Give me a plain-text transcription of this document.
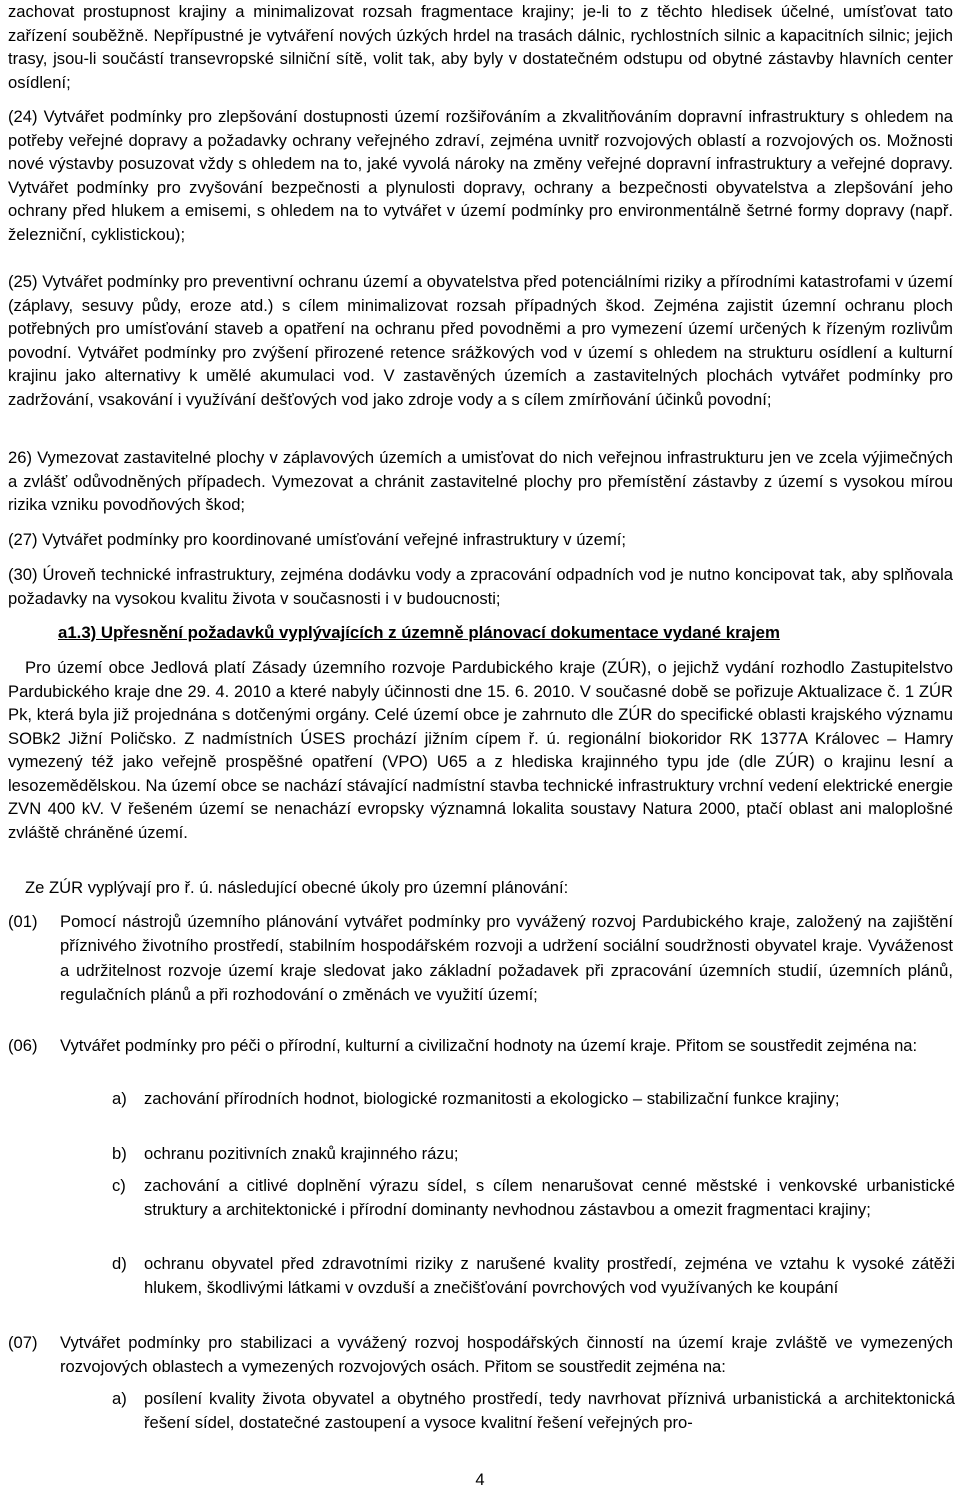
zachovat prostupnost krajiny a minimalizovat rozsah fragmentace krajiny; je-li to z těchto hledisek účelné, umísťovat tato zařízení souběžně. Nepřípustné je vytváření nových úzkých hrdel na trasách dálnic, rychlostních silnic a kapacitních silnic; jejich trasy, jsou-li součástí transevropské silniční sítě, volit tak, aby byly v dostatečném odstupu od obytné zástavby hlavních center osídlení;

(24) Vytvářet podmínky pro zlepšování dostupnosti území rozšiřováním a zkvalitňováním dopravní infrastruktury s ohledem na potřeby veřejné dopravy a požadavky ochrany veřejného zdraví, zejména uvnitř rozvojových oblastí a rozvojových os. Možnosti nové výstavby posuzovat vždy s ohledem na to, jaké vyvolá nároky na změny veřejné dopravní infrastruktury a veřejné dopravy. Vytvářet podmínky pro zvyšování bezpečnosti a plynulosti dopravy, ochrany a bezpečnosti obyvatelstva a zlepšování jeho ochrany před hlukem a emisemi, s ohledem na to vytvářet v území podmínky pro environmentálně šetrné formy dopravy (např. železniční, cyklistickou);

(25) Vytvářet podmínky pro preventivní ochranu území a obyvatelstva před potenciálními riziky a přírodními katastrofami v území (záplavy, sesuvy půdy, eroze atd.) s cílem minimalizovat rozsah případných škod. Zejména zajistit územní ochranu ploch potřebných pro umísťování staveb a opatření na ochranu před povodněmi a pro vymezení území určených k řízeným rozlivům povodní. Vytvářet podmínky pro zvýšení přirozené retence srážkových vod v území s ohledem na strukturu osídlení a kulturní krajinu jako alternativy k umělé akumulaci vod. V zastavěných územích a zastavitelných plochách vytvářet podmínky pro zadržování, vsakování i využívání dešťových vod jako zdroje vody a s cílem zmírňování účinků povodní;

26) Vymezovat zastavitelné plochy v záplavových územích a umisťovat do nich veřejnou infrastrukturu jen ve zcela výjimečných a zvlášť odůvodněných případech. Vymezovat a chránit zastavitelné plochy pro přemístění zástavby z území s vysokou mírou rizika vzniku povodňových škod;

(27) Vytvářet podmínky pro koordinované umísťování veřejné infrastruktury v území;

(30) Úroveň technické infrastruktury, zejména dodávku vody a zpracování odpadních vod je nutno koncipovat tak, aby splňovala požadavky na vysokou kvalitu života v současnosti i v budoucnosti;

a1.3) Upřesnění požadavků vyplývajících z územně plánovací dokumentace vydané krajem

Pro území obce Jedlová platí Zásady územního rozvoje Pardubického kraje (ZÚR), o jejichž vydání rozhodlo Zastupitelstvo Pardubického kraje dne 29. 4. 2010 a které nabyly účinnosti dne 15. 6. 2010. V současné době se pořizuje Aktualizace č. 1 ZÚR Pk, která byla již projednána s dotčenými orgány. Celé území obce je zahrnuto dle ZÚR do specifické oblasti krajského významu SOBk2 Jižní Poličsko. Z nadmístních ÚSES prochází jižním cípem ř. ú. regionální biokoridor RK 1377A Královec – Hamry vymezený též jako veřejně prospěšné opatření (VPO) U65 a z hlediska krajinného typu jde (dle ZÚR) o krajinu lesní a lesozemědělskou. Na území obce se nachází stávající nadmístní stavba technické infrastruktury vrchní vedení elektrické energie ZVN 400 kV. V řešeném území se nenachází evropsky významná lokalita soustavy Natura 2000, ptačí oblast ani maloplošné zvláště chráněné území.

Ze ZÚR vyplývají pro ř. ú. následující obecné úkoly pro územní plánování:

(01) Pomocí nástrojů územního plánování vytvářet podmínky pro vyvážený rozvoj Pardubického kraje, založený na zajištění příznivého životního prostředí, stabilním hospodářském rozvoji a udržení sociální soudržnosti obyvatel kraje. Vyváženost a udržitelnost rozvoje území kraje sledovat jako základní požadavek při zpracování územních studií, územních plánů, regulačních plánů a při rozhodování o změnách ve využití území;
(06) Vytvářet podmínky pro péči o přírodní, kulturní a civilizační hodnoty na území kraje. Přitom se soustředit zejména na:
a) zachování přírodních hodnot, biologické rozmanitosti a ekologicko – stabilizační funkce krajiny;
b) ochranu pozitivních znaků krajinného rázu;
c) zachování a citlivé doplnění výrazu sídel, s cílem nenarušovat cenné městské i venkovské urbanistické struktury a architektonické i přírodní dominanty nevhodnou zástavbou a omezit fragmentaci krajiny;
d) ochranu obyvatel před zdravotními riziky z narušené kvality prostředí, zejména ve vztahu k vysoké zátěži hlukem, škodlivými látkami v ovzduší a znečišťování povrchových vod využívaných ke koupání
(07) Vytvářet podmínky pro stabilizaci a vyvážený rozvoj hospodářských činností na území kraje zvláště ve vymezených rozvojových oblastech a vymezených rozvojových osách. Přitom se soustředit zejména na:
a) posílení kvality života obyvatel a obytného prostředí, tedy navrhovat příznivá urbanistická a architektonická řešení sídel, dostatečné zastoupení a vysoce kvalitní řešení veřejných pro-
4
